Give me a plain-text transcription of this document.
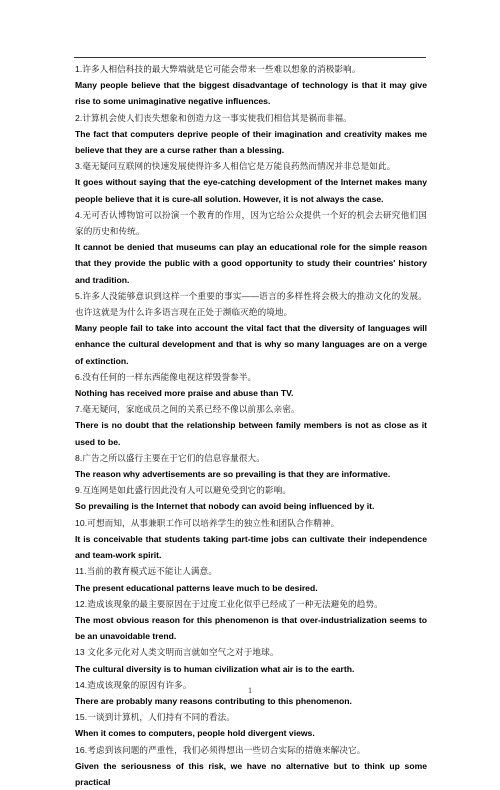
1.许多人相信科技的最大弊端就是它可能会带来一些难以想象的消极影响。

Many people believe that the biggest disadvantage of technology is that it may give rise to some unimaginative negative influences.

2.计算机会使人们丧失想象和创造力这一事实使我们相信其是祸而非福。

The fact that computers deprive people of their imagination and creativity makes me believe that they are a curse rather than a blessing.

3.毫无疑问互联网的快速发展使得许多人相信它是万能良药然而情况并非总是如此。

It goes without saying that the eye-catching development of the Internet makes many people believe that it is cure-all solution. However, it is not always the case.

4.无可否认博物馆可以扮演一个教育的作用，因为它给公众提供一个好的机会去研究他们国家的历史和传统。

It cannot be denied that museums can play an educational role for the simple reason that they provide the public with a good opportunity to study their countries' history and tradition.

5.许多人没能够意识到这样一个重要的事实——语言的多样性将会极大的推动文化的发展。也许这就是为什么许多语言现在正处于濒临灭绝的境地。

Many people fail to take into account the vital fact that the diversity of languages will enhance the cultural development and that is why so many languages are on a verge of extinction.

6.没有任何的一样东西能像电视这样毁誉参半。

Nothing has received more praise and abuse than TV.

7.毫无疑问，家庭成员之间的关系已经不像以前那么亲密。

There is no doubt that the relationship between family members is not as close as it used to be.

8.广告之所以盛行主要在于它们的信息容量很大。

The reason why advertisements are so prevailing is that they are informative.

9.互连网是如此盛行因此没有人可以避免受到它的影响。

So prevailing is the Internet that nobody can avoid being influenced by it.

10.可想而知，从事兼职工作可以培养学生的独立性和团队合作精神。

It is conceivable that students taking part-time jobs can cultivate their independence and team-work spirit.

11.当前的教育模式远不能让人满意。

The present educational patterns leave much to be desired.

12.造成该现象的最主要原因在于过度工业化似乎已经成了一种无法避免的趋势。

The most obvious reason for this phenomenon is that over-industrialization seems to be an unavoidable trend.

13 文化多元化对人类文明而言就如空气之对于地球。

The cultural diversity is to human civilization what air is to the earth.

14.造成该现象的原因有许多。

There are probably many reasons contributing to this phenomenon.

15.一谈到计算机，人们持有不同的看法。

When it comes to computers, people hold divergent views.

16.考虑到该问题的严重性，我们必须得想出一些切合实际的措施来解决它。

Given the seriousness of this risk, we have no alternative but to think up some practical

1
